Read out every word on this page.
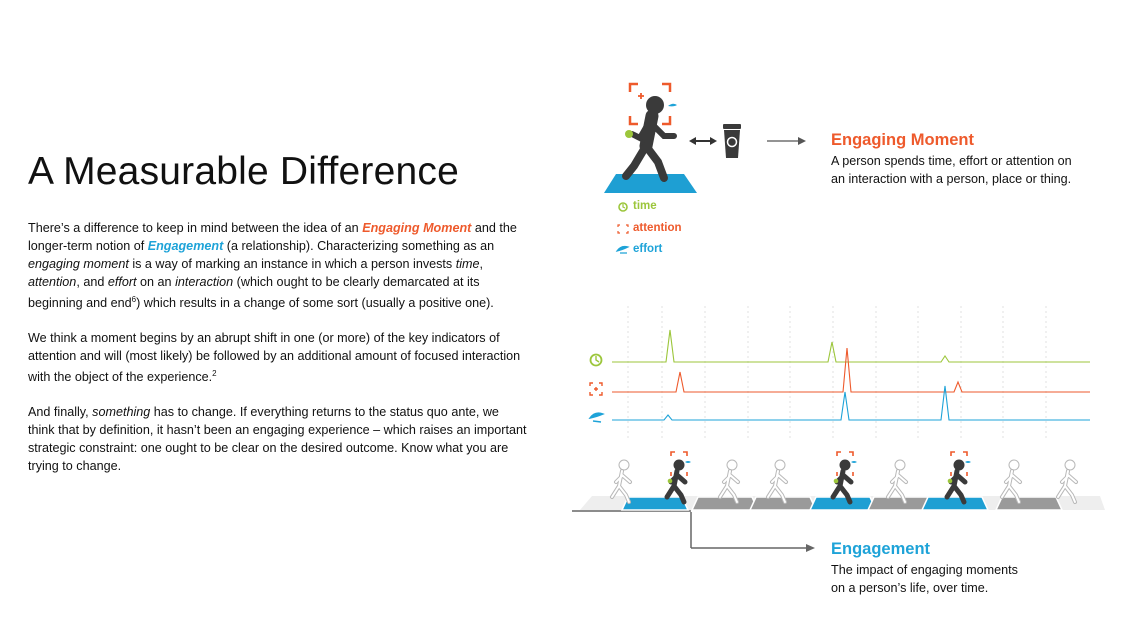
A Measurable Difference

There’s a difference to keep in mind between the idea of an Engaging Moment and the longer-term notion of Engagement (a relationship). Characterizing something as an engaging moment is a way of marking an instance in which a person invests time, attention, and effort on an interaction (which ought to be clearly demarcated at its beginning and end$^6$) which results in a change of some sort (usually a positive one).

We think a moment begins by an abrupt shift in one (or more) of the key indicators of attention and will (most likely) be followed by an additional amount of focused interaction with the object of the experience.$^2$

And finally, something has to change. If everything returns to the status quo ante, we think that by definition, it hasn’t been an engaging experience – which raises an important strategic constraint: one ought to be clear on the desired outcome. Know what you are trying to change.

Engaging Moment
A person spends time, effort or attention on
an interaction with a person, place or thing.
time
attention
effort
Engagement
The impact of engaging moments
on a person’s life, over time.
